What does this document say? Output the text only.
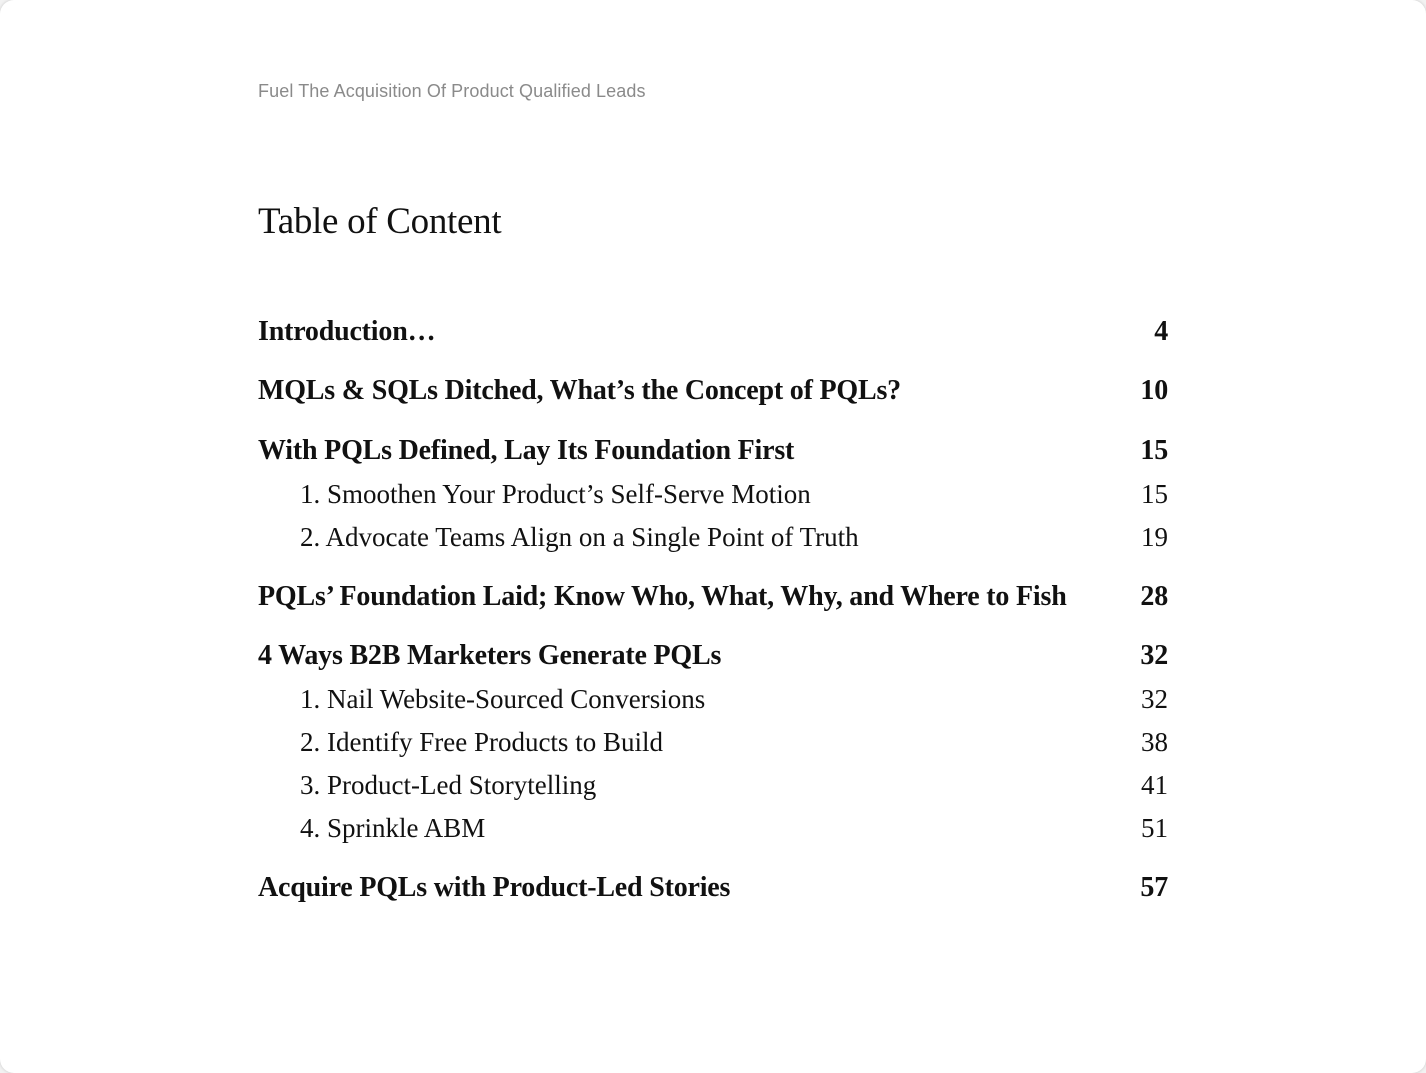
Fuel The Acquisition Of Product Qualified Leads
Table of Content
Introduction…	4
MQLs & SQLs Ditched, What’s the Concept of PQLs?	10
With PQLs Defined, Lay Its Foundation First	15
1. Smoothen Your Product’s Self-Serve Motion	15
2. Advocate Teams Align on a Single Point of Truth	19
PQLs’ Foundation Laid; Know Who, What, Why, and Where to Fish	28
4 Ways B2B Marketers Generate PQLs	32
1. Nail Website-Sourced Conversions	32
2. Identify Free Products to Build	38
3. Product-Led Storytelling	41
4. Sprinkle ABM	51
Acquire PQLs with Product-Led Stories	57
